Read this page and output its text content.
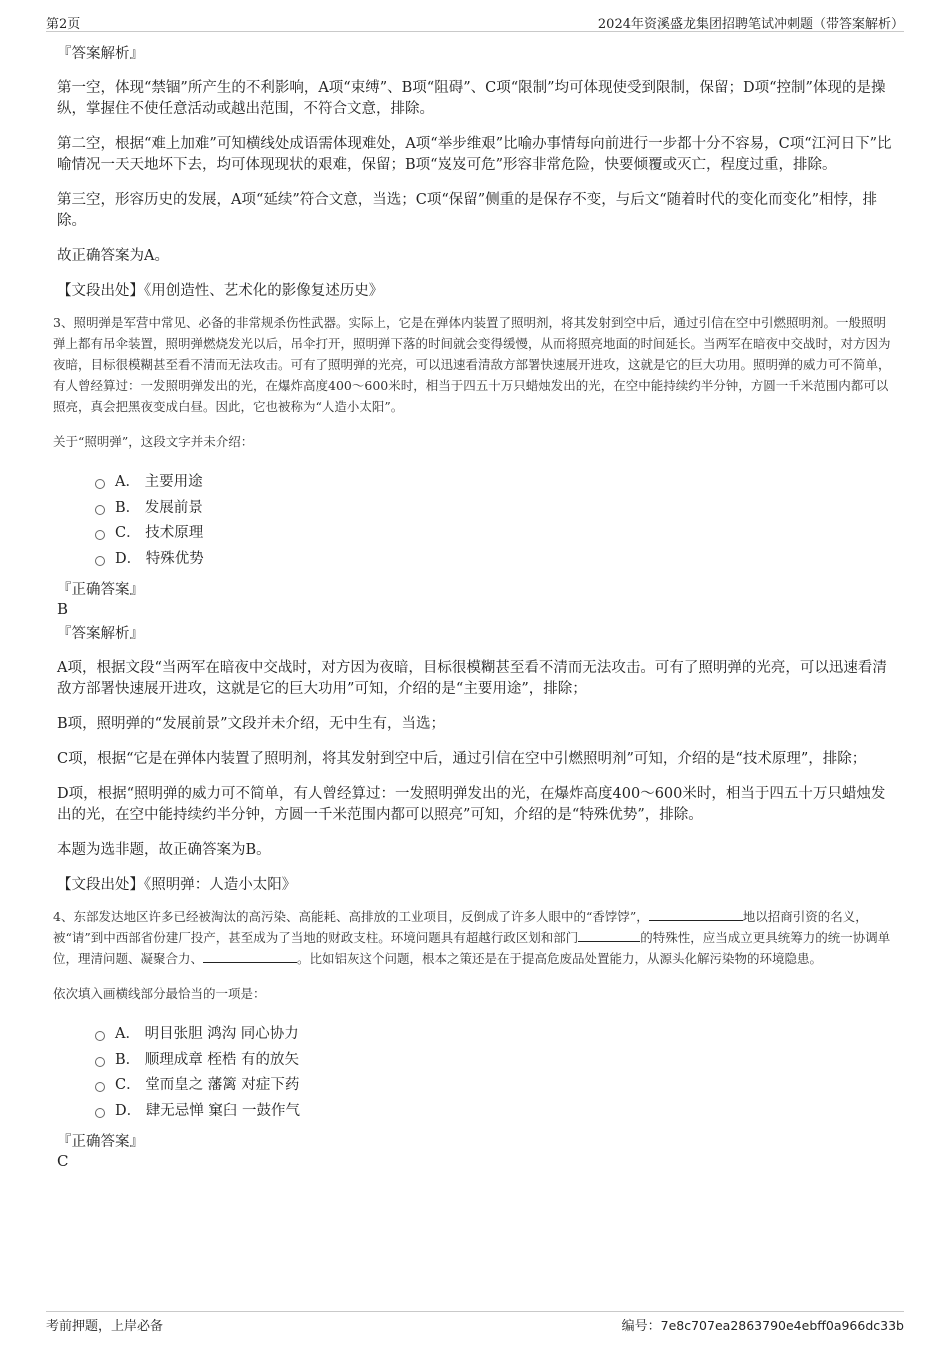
第2页	2024年资溪盛龙集团招聘笔试冲刺题（带答案解析）

『答案解析』

第一空，体现“禁锢”所产生的不利影响，A项“束缚”、B项“阻碍”、C项“限制”均可体现使受到限制，保留；D项“控制”体现的是操纵，掌握住不使任意活动或越出范围，不符合文意，排除。

第二空，根据“难上加难”可知横线处成语需体现难处，A项“举步维艰”比喻办事情每向前进行一步都十分不容易，C项“江河日下”比喻情况一天天地坏下去，均可体现现状的艰难，保留；B项“岌岌可危”形容非常危险，快要倾覆或灭亡，程度过重，排除。

第三空，形容历史的发展，A项“延续”符合文意，当选；C项“保留”侧重的是保存不变，与后文“随着时代的变化而变化”相悖，排除。

故正确答案为A。

【文段出处】《用创造性、艺术化的影像复述历史》

3、照明弹是军营中常见、必备的非常规杀伤性武器。实际上，它是在弹体内装置了照明剂，将其发射到空中后，通过引信在空中引燃照明剂。一般照明弹上都有吊伞装置，照明弹燃烧发光以后，吊伞打开，照明弹下落的时间就会变得缓慢，从而将照亮地面的时间延长。当两军在暗夜中交战时，对方因为夜暗，目标很模糊甚至看不清而无法攻击。可有了照明弹的光亮，可以迅速看清敌方部署快速展开进攻，这就是它的巨大功用。照明弹的威力可不简单，有人曾经算过：一发照明弹发出的光，在爆炸高度400～600米时，相当于四五十万只蜡烛发出的光，在空中能持续约半分钟，方圆一千米范围内都可以照亮，真会把黑夜变成白昼。因此，它也被称为“人造小太阳”。

关于“照明弹”，这段文字并未介绍：

A． 主要用途
B． 发展前景
C． 技术原理
D． 特殊优势

『正确答案』

B

『答案解析』

A项，根据文段“当两军在暗夜中交战时，对方因为夜暗，目标很模糊甚至看不清而无法攻击。可有了照明弹的光亮，可以迅速看清敌方部署快速展开进攻，这就是它的巨大功用”可知，介绍的是“主要用途”，排除；

B项，照明弹的“发展前景”文段并未介绍，无中生有，当选；

C项，根据“它是在弹体内装置了照明剂，将其发射到空中后，通过引信在空中引燃照明剂”可知，介绍的是“技术原理”，排除；

D项，根据“照明弹的威力可不简单，有人曾经算过：一发照明弹发出的光，在爆炸高度400～600米时，相当于四五十万只蜡烛发出的光，在空中能持续约半分钟，方圆一千米范围内都可以照亮”可知，介绍的是“特殊优势”，排除。

本题为选非题，故正确答案为B。

【文段出处】《照明弹：人造小太阳》

4、东部发达地区许多已经被淘汰的高污染、高能耗、高排放的工业项目，反倒成了许多人眼中的“香饽饽”，	地以招商引资的名义，被“请”到中西部省份建厂投产，甚至成为了当地的财政支柱。环境问题具有超越行政区划和部门	的特殊性，应当成立更具统筹力的统一协调单位，理清问题、凝聚合力、	。比如铝灰这个问题，根本之策还是在于提高危废品处置能力，从源头化解污染物的环境隐患。

依次填入画横线部分最恰当的一项是：

A． 明目张胆 鸿沟 同心协力
B． 顺理成章 桎梏 有的放矢
C． 堂而皇之 藩篱 对症下药
D． 肆无忌惮 窠臼 一鼓作气

『正确答案』

C

考前押题，上岸必备	编号：7e8c707ea2863790e4ebff0a966dc33b
